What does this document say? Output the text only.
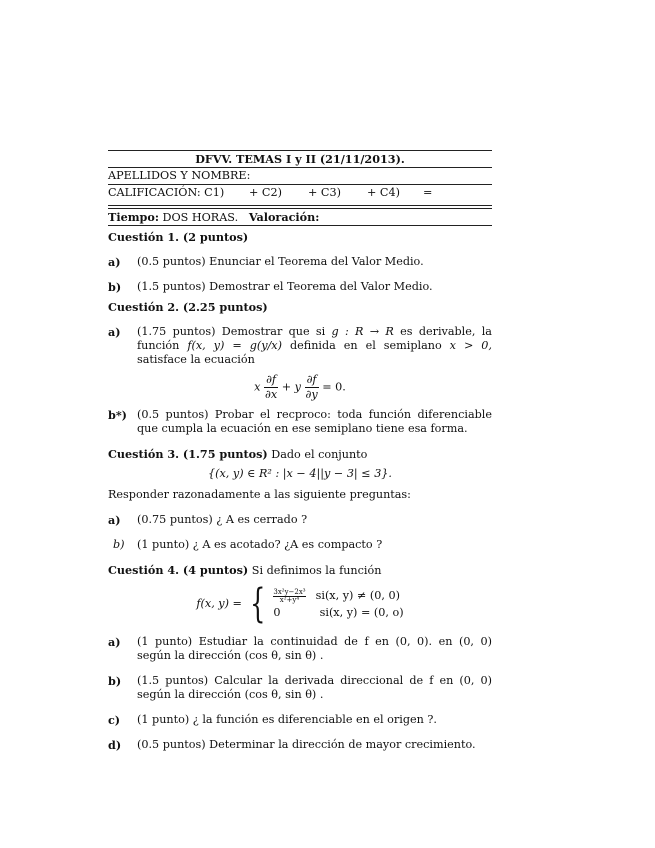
DFVV. TEMAS I y II (21/11/2013).
APELLIDOS Y NOMBRE:
CALIFICACIÓN: C1) + C2) + C3) + C4) =
Tiempo: DOS HORAS. Valoración:
Cuestión 1. (2 puntos)
a) (0.5 puntos) Enunciar el Teorema del Valor Medio.
b) (1.5 puntos) Demostrar el Teorema del Valor Medio.
Cuestión 2. (2.25 puntos)
a) (1.75 puntos) Demostrar que si g : R → R es derivable, la función f(x, y) = g(y/x) definida en el semiplano x > 0, satisface la ecuación
x $\frac{\partial f}{\partial x} + y \frac{\partial f}{\partial y} = 0$.
b*) (0.5 puntos) Probar el recproco: toda función diferenciable que cumpla la ecuación en ese semiplano tiene esa forma.
Cuestión 3. (1.75 puntos) Dado el conjunto
{(x, y) ∈ R² : |x − 4||y − 3| ≤ 3}.
Responder razonadamente a las siguiente preguntas:
a) (0.75 puntos) ¿ A es cerrado ?
b) (1 punto) ¿ A es acotado? ¿A es compacto ?
Cuestión 4. (4 puntos) Si definimos la función
f(x, y) = { $\frac{\text{3x²y−2x³}}{\text{x²+y⁴}} si(x$, y) ≠ (0, 0)
0	si(x, y) = (0, o)
a) (1 punto) Estudiar la continuidad de f en (0, 0). en (0, 0) según la dirección (cos θ, sin θ) .
b) (1.5 puntos) Calcular la derivada direccional de f en (0, 0) según la dirección (cos θ, sin θ) .
c) (1 punto) ¿ la función es diferenciable en el origen ?.
d) (0.5 puntos) Determinar la dirección de mayor crecimiento.
